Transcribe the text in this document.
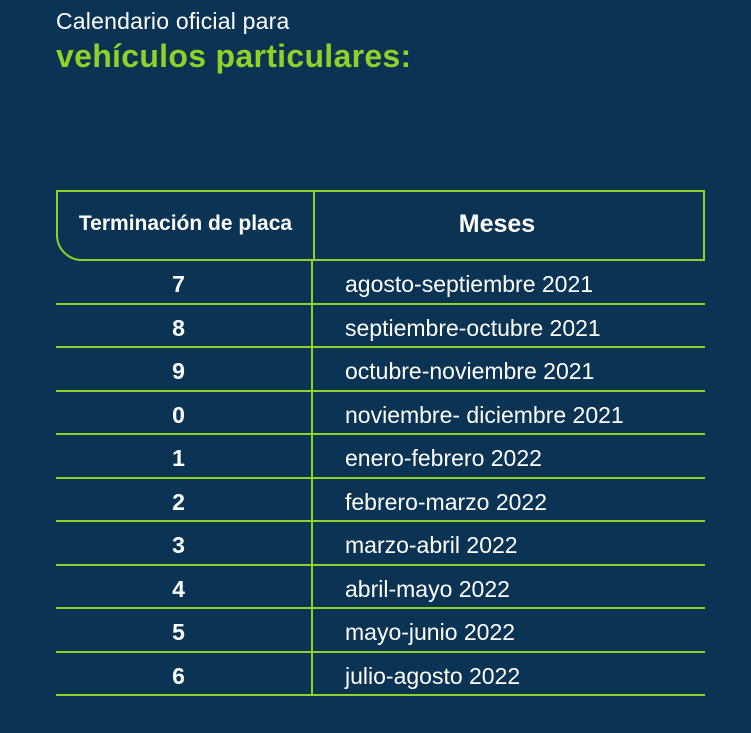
Calendario oficial para
vehículos particulares:
Terminación de placa	Meses
7	agosto-septiembre 2021
8	septiembre-octubre 2021
9	octubre-noviembre 2021
0	noviembre- diciembre 2021
1	enero-febrero 2022
2	febrero-marzo 2022
3	marzo-abril 2022
4	abril-mayo 2022
5	mayo-junio 2022
6	julio-agosto 2022
